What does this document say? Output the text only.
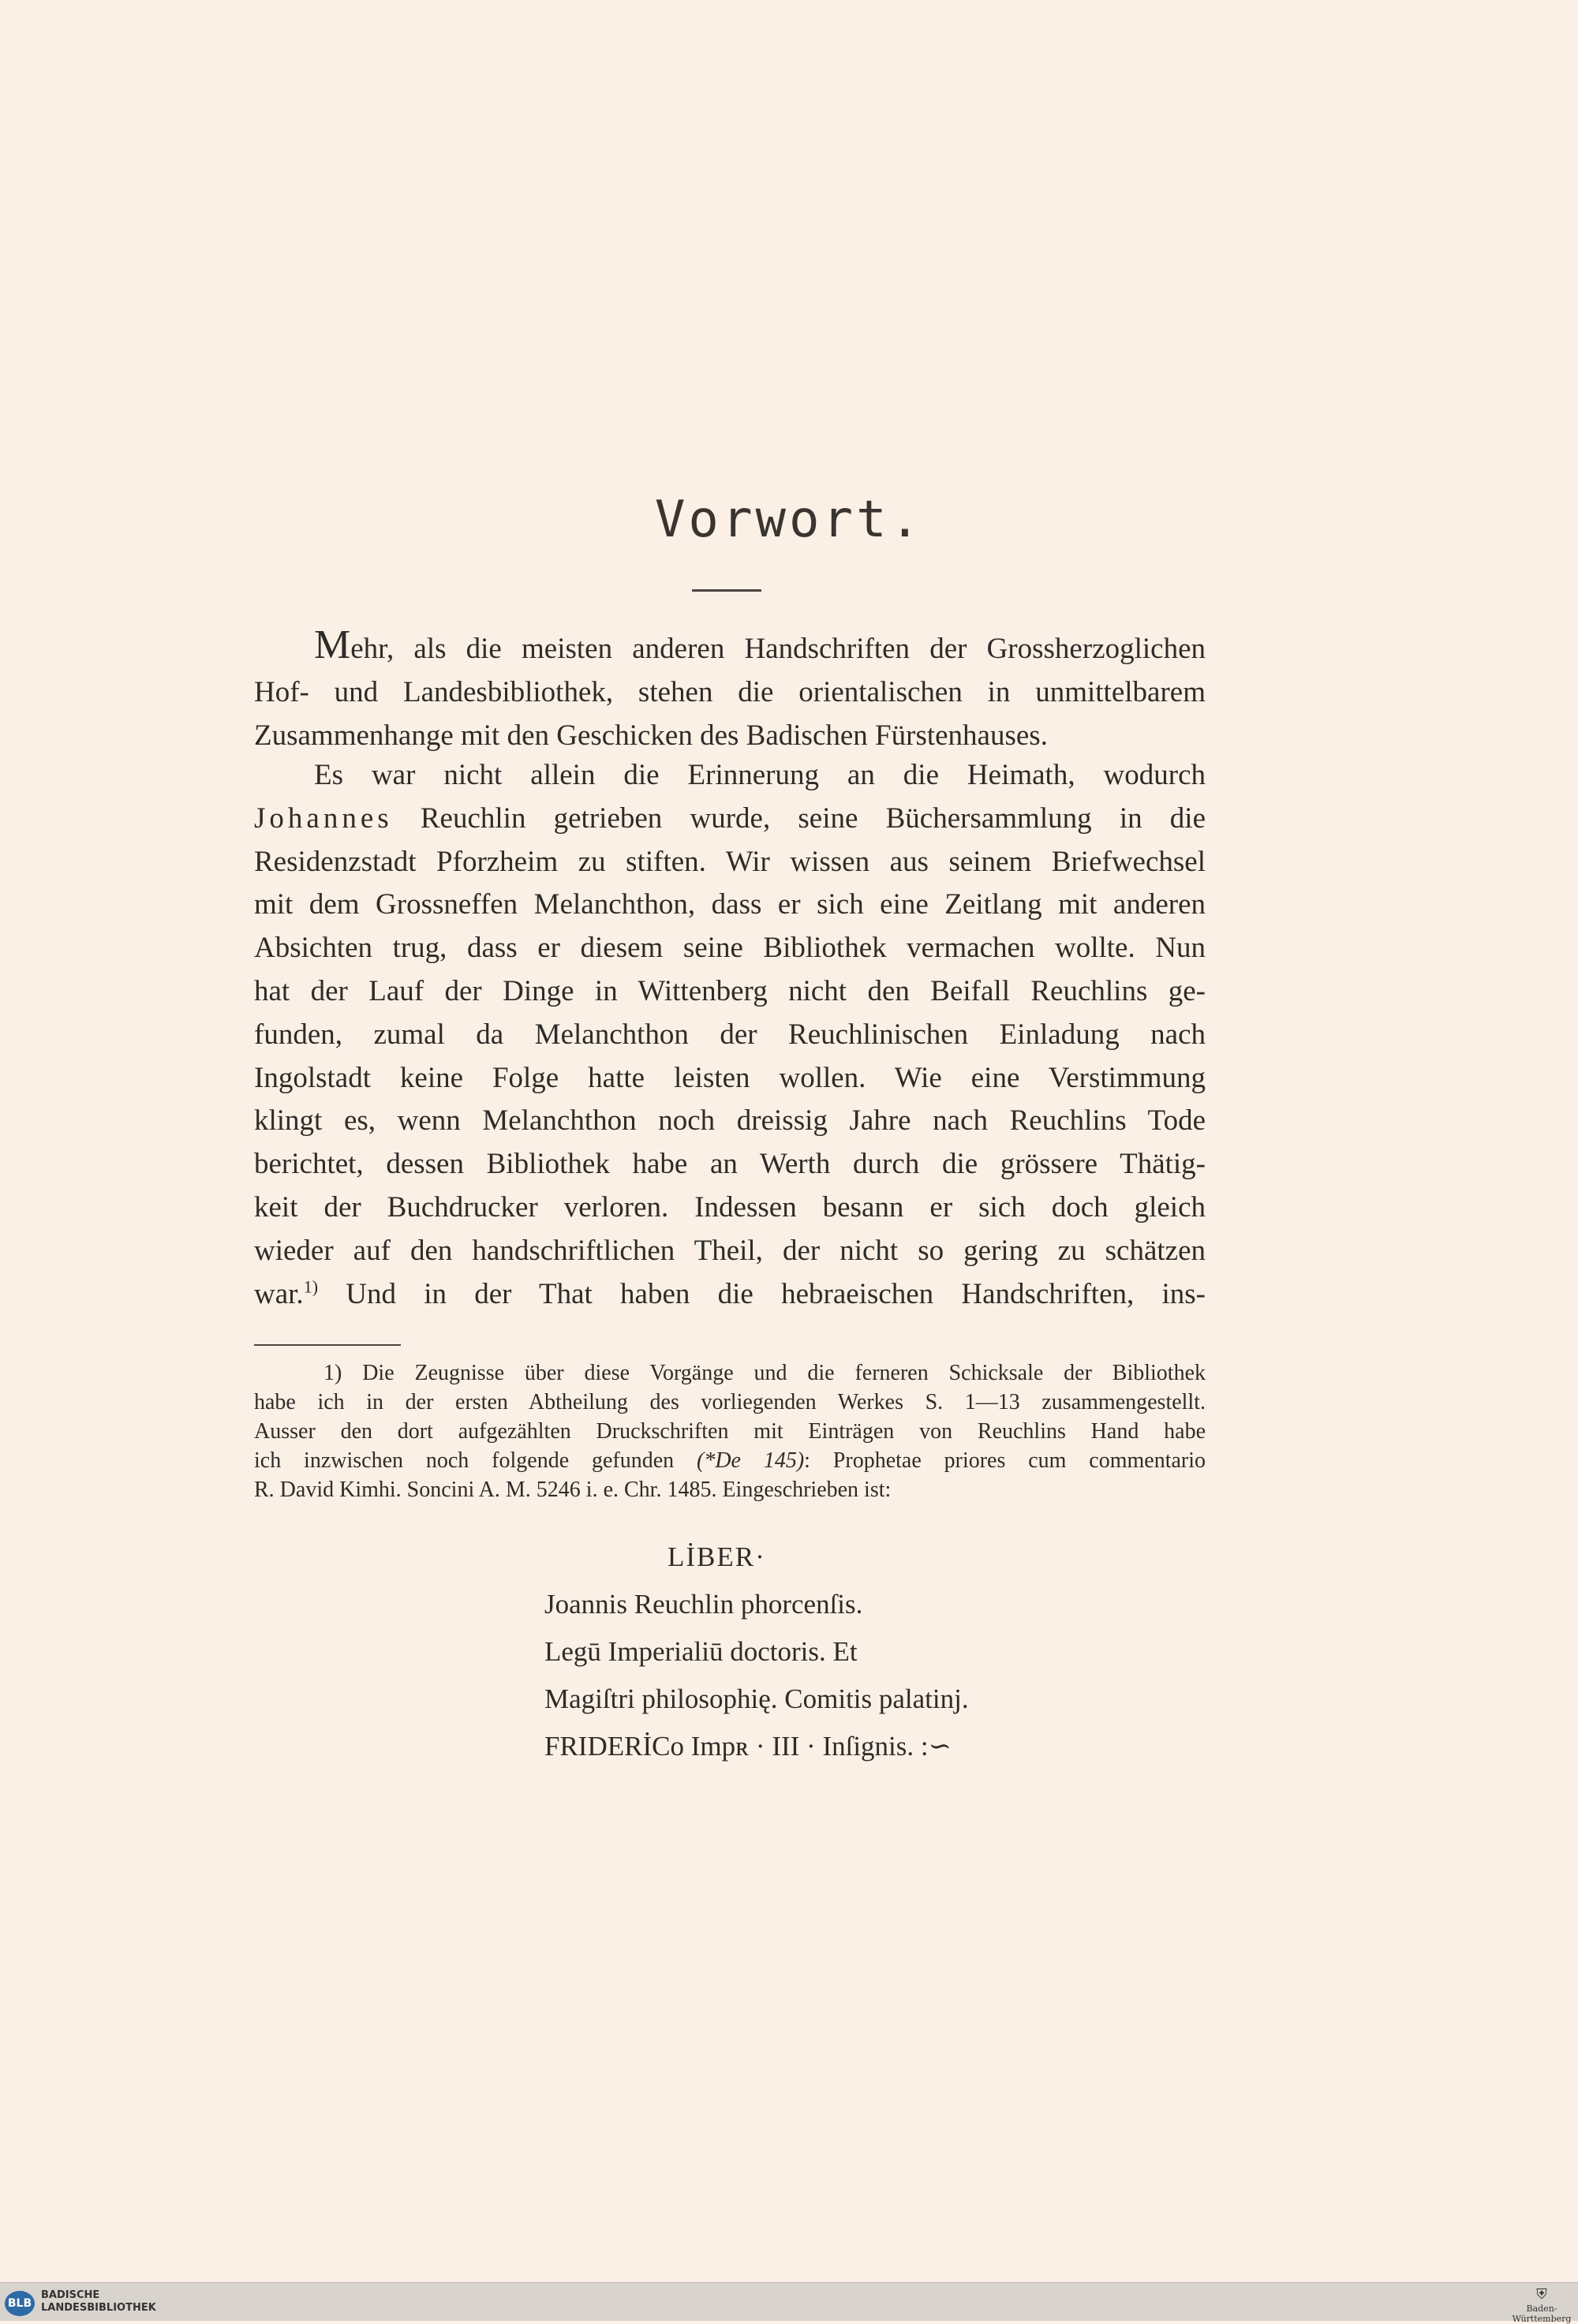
Vorwort.
Mehr, als die meisten anderen Handschriften der Grossherzoglichen
Hof- und Landesbibliothek, stehen die orientalischen in unmittelbarem
Zusammenhange mit den Geschicken des Badischen Fürstenhauses.
Es war nicht allein die Erinnerung an die Heimath, wodurch
Johannes Reuchlin getrieben wurde, seine Büchersammlung in die
Residenzstadt Pforzheim zu stiften. Wir wissen aus seinem Briefwechsel
mit dem Grossneffen Melanchthon, dass er sich eine Zeitlang mit anderen
Absichten trug, dass er diesem seine Bibliothek vermachen wollte. Nun
hat der Lauf der Dinge in Wittenberg nicht den Beifall Reuchlins ge-
funden, zumal da Melanchthon der Reuchlinischen Einladung nach
Ingolstadt keine Folge hatte leisten wollen. Wie eine Verstimmung
klingt es, wenn Melanchthon noch dreissig Jahre nach Reuchlins Tode
berichtet, dessen Bibliothek habe an Werth durch die grössere Thätig-
keit der Buchdrucker verloren. Indessen besann er sich doch gleich
wieder auf den handschriftlichen Theil, der nicht so gering zu schätzen
war.$^{1)}$ Und in der That haben die hebraeischen Handschriften, ins-
1) Die Zeugnisse über diese Vorgänge und die ferneren Schicksale der Bibliothek
habe ich in der ersten Abtheilung des vorliegenden Werkes S. 1—13 zusammengestellt.
Ausser den dort aufgezählten Druckschriften mit Einträgen von Reuchlins Hand habe
ich inzwischen noch folgende gefunden (*De 145): Prophetae priores cum commentario
R. David Kimhi. Soncini A. M. 5246 i. e. Chr. 1485. Eingeschrieben ist:
LİBER·
Joannis Reuchlin phorcenſis.
Legū Imperialiū doctoris. Et
Magiſtri philosophię. Comitis palatinj.
FRIDERİCo Impʀ · III · Inſignis. :∽
BLB
BADISCHE
LANDESBIBLIOTHEK
⛨
Baden-Württemberg
